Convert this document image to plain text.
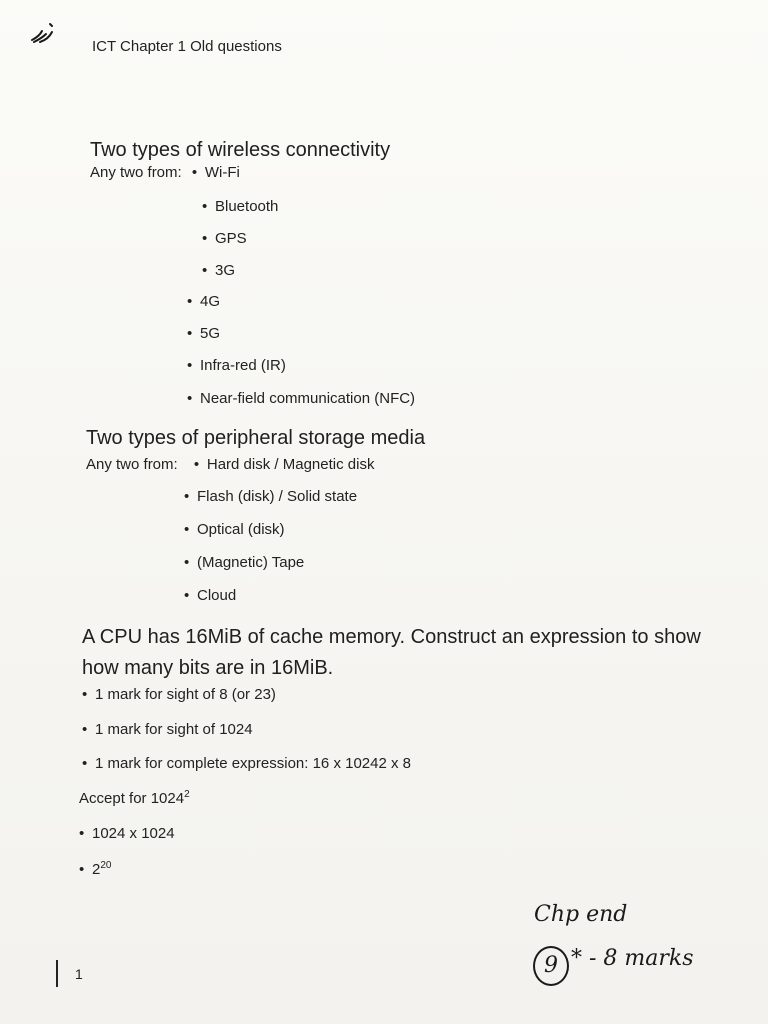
ICT Chapter 1 Old questions
Two types of wireless connectivity
Any two from: • Wi-Fi
• Bluetooth
• GPS
• 3G
• 4G
• 5G
• Infra-red (IR)
• Near-field communication (NFC)
Two types of peripheral storage media
Any two from: • Hard disk / Magnetic disk
• Flash (disk) / Solid state
• Optical (disk)
• (Magnetic) Tape
• Cloud
A CPU has 16MiB of cache memory. Construct an expression to show how many bits are in 16MiB.
• 1 mark for sight of 8 (or 23)
• 1 mark for sight of 1024
• 1 mark for complete expression: 16 x 10242 x 8
Accept for 1024$^2$
• 1024 x 1024
• $2^{20}$
1
Chp end
9 * - 8 marks
